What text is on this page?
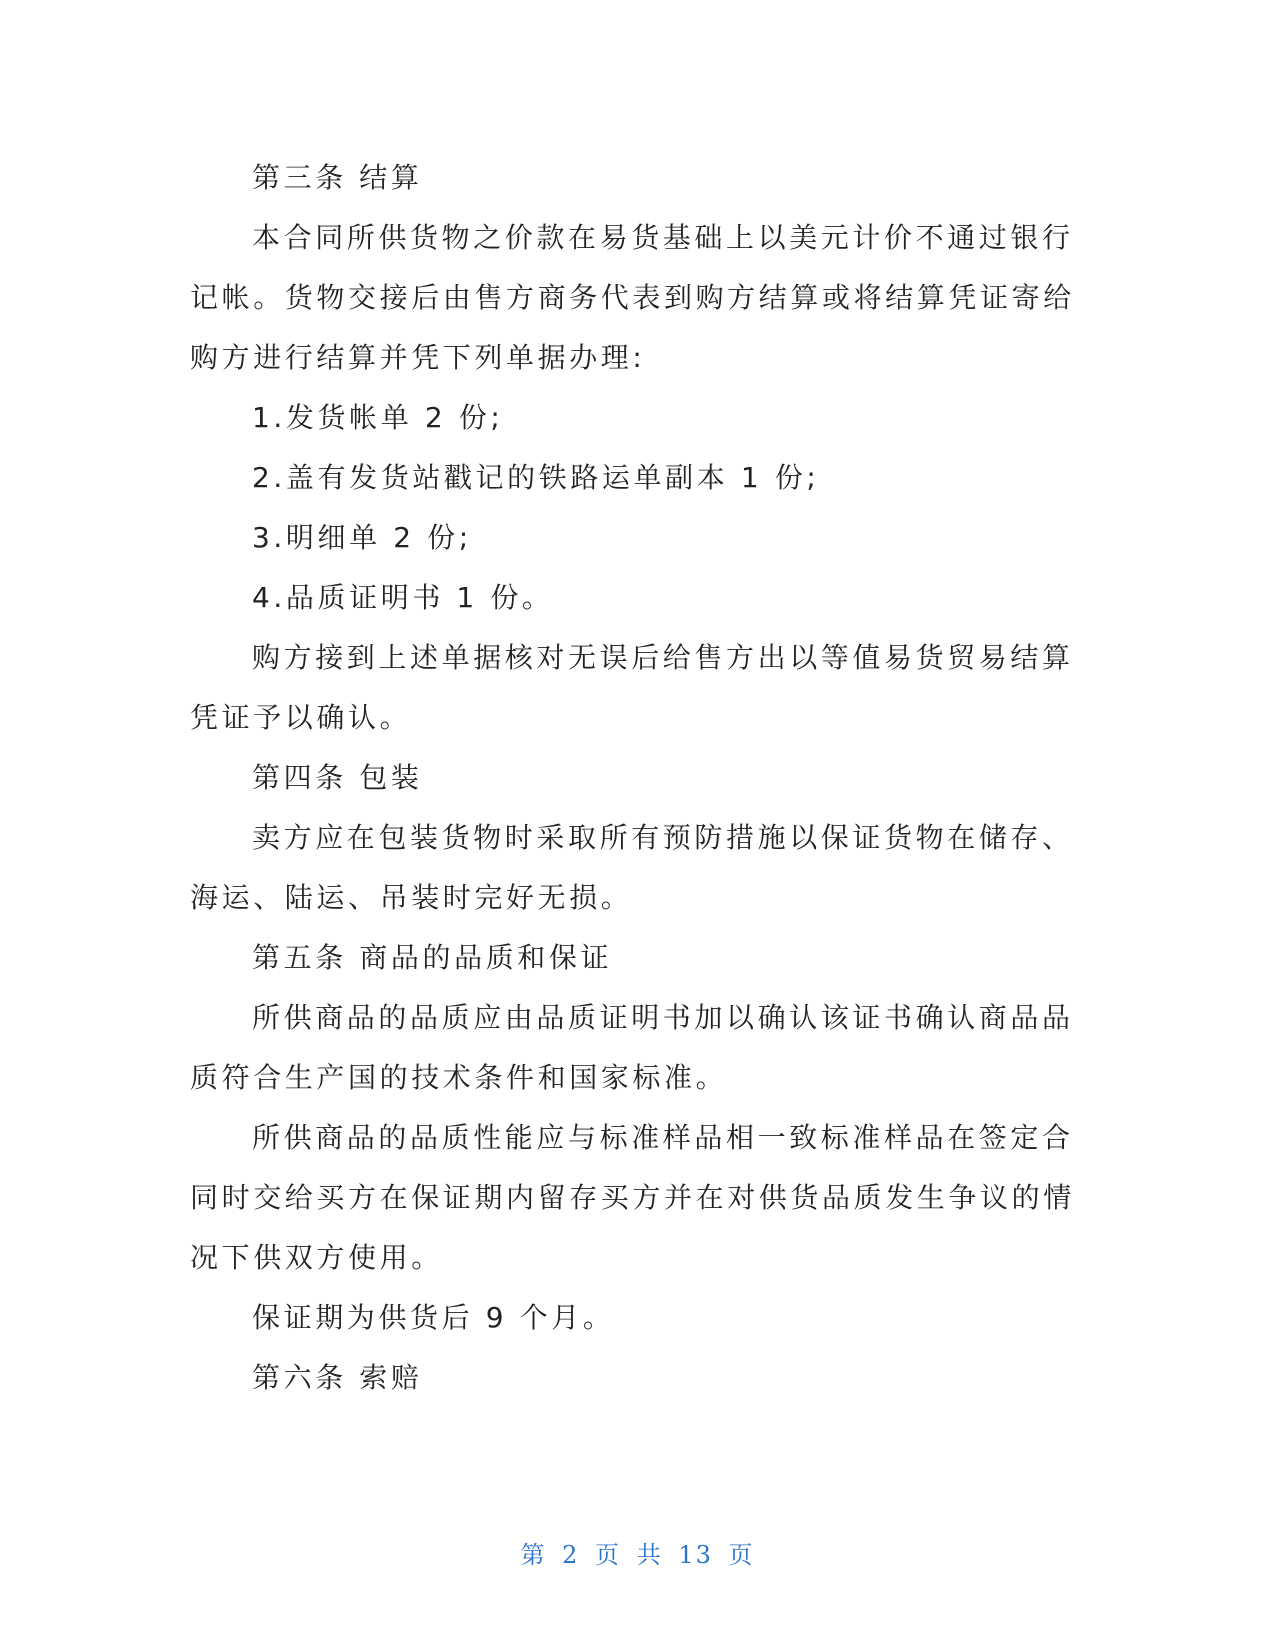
第三条 结算
本合同所供货物之价款在易货基础上以美元计价不通过银行
记帐。货物交接后由售方商务代表到购方结算或将结算凭证寄给
购方进行结算并凭下列单据办理:
1.发货帐单 2 份;
2.盖有发货站戳记的铁路运单副本 1 份;
3.明细单 2 份;
4.品质证明书 1 份。
购方接到上述单据核对无误后给售方出以等值易货贸易结算
凭证予以确认。
第四条 包装
卖方应在包装货物时采取所有预防措施以保证货物在储存、
海运、陆运、吊装时完好无损。
第五条 商品的品质和保证
所供商品的品质应由品质证明书加以确认该证书确认商品品
质符合生产国的技术条件和国家标准。
所供商品的品质性能应与标准样品相一致标准样品在签定合
同时交给买方在保证期内留存买方并在对供货品质发生争议的情
况下供双方使用。
保证期为供货后 9 个月。
第六条 索赔
第 2 页 共 13 页
